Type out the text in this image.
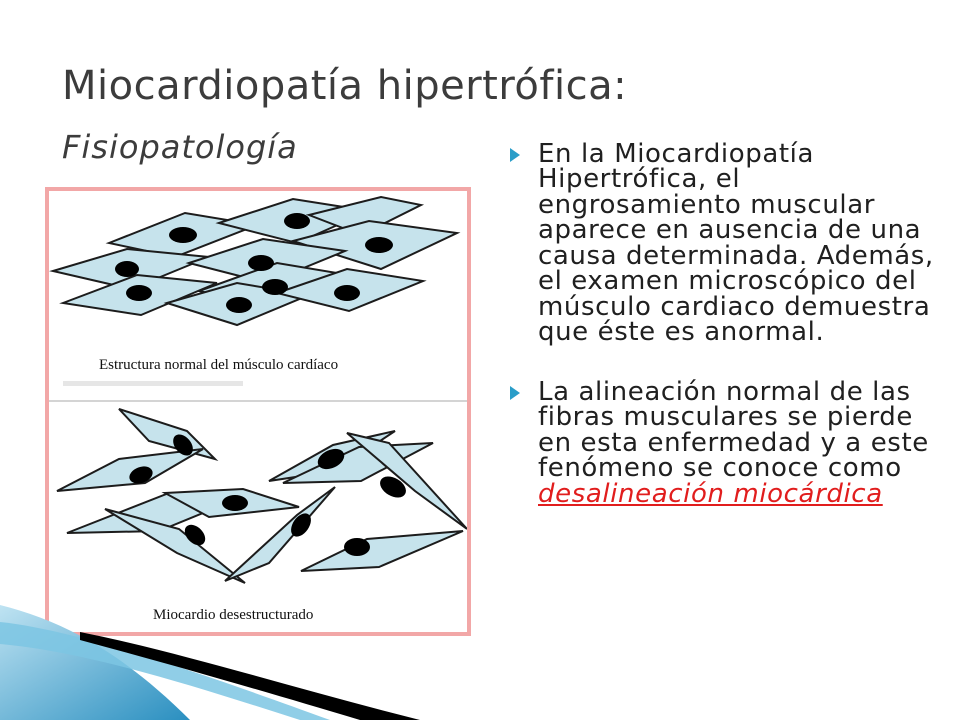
Miocardiopatía hipertrófica:
Fisiopatología
Estructura normal del músculo cardíaco
Miocardio desestructurado
En la Miocardiopatía Hipertrófica, el engrosamiento muscular aparece en ausencia de una causa determinada. Además, el examen microscópico del músculo cardiaco demuestra que éste es anormal.
La alineación normal de las fibras musculares se pierde en esta enfermedad y a este fenómeno se conoce como desalineación miocárdica
